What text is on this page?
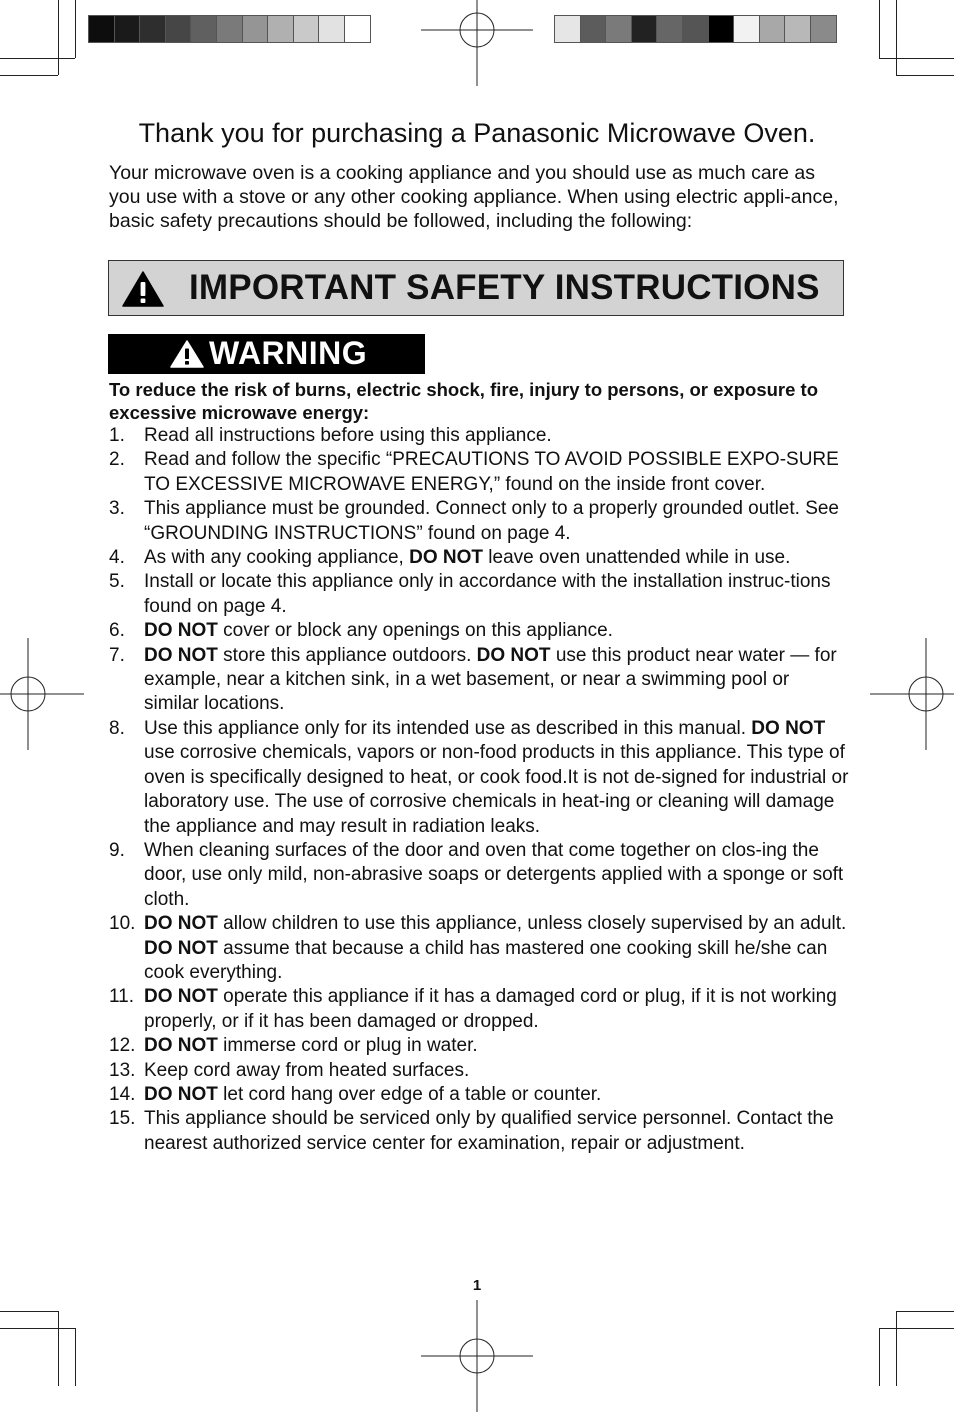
Thank you for purchasing a Panasonic Microwave Oven.
Your microwave oven is a cooking appliance and you should use as much care as you use with a stove or any other cooking appliance. When using electric appli-ance, basic safety precautions should be followed, including the following:
IMPORTANT SAFETY INSTRUCTIONS
WARNING
To reduce the risk of burns, electric shock, fire, injury to persons, or exposure to excessive microwave energy:
1. Read all instructions before using this appliance.
2. Read and follow the specific “PRECAUTIONS TO AVOID POSSIBLE EXPO-SURE TO EXCESSIVE MICROWAVE ENERGY,” found on the inside front cover.
3. This appliance must be grounded. Connect only to a properly grounded outlet. See “GROUNDING INSTRUCTIONS” found on page 4.
4. As with any cooking appliance, DO NOT leave oven unattended while in use.
5. Install or locate this appliance only in accordance with the installation instruc-tions found on page 4.
6. DO NOT cover or block any openings on this appliance.
7. DO NOT store this appliance outdoors. DO NOT use this product near water — for example, near a kitchen sink, in a wet basement, or near a swimming pool or similar locations.
8. Use this appliance only for its intended use as described in this manual. DO NOT use corrosive chemicals, vapors or non-food products in this appliance. This type of oven is specifically designed to heat, or cook food.It is not de-signed for industrial or laboratory use. The use of corrosive chemicals in heat-ing or cleaning will damage the appliance and may result in radiation leaks.
9. When cleaning surfaces of the door and oven that come together on clos-ing the door, use only mild, non-abrasive soaps or detergents applied with a sponge or soft cloth.
10. DO NOT allow children to use this appliance, unless closely supervised by an adult. DO NOT assume that because a child has mastered one cooking skill he/she can cook everything.
11. DO NOT operate this appliance if it has a damaged cord or plug, if it is not working properly, or if it has been damaged or dropped.
12. DO NOT immerse cord or plug in water.
13. Keep cord away from heated surfaces.
14. DO NOT let cord hang over edge of a table or counter.
15. This appliance should be serviced only by qualified service personnel. Contact the nearest authorized service center for examination, repair or adjustment.
1
